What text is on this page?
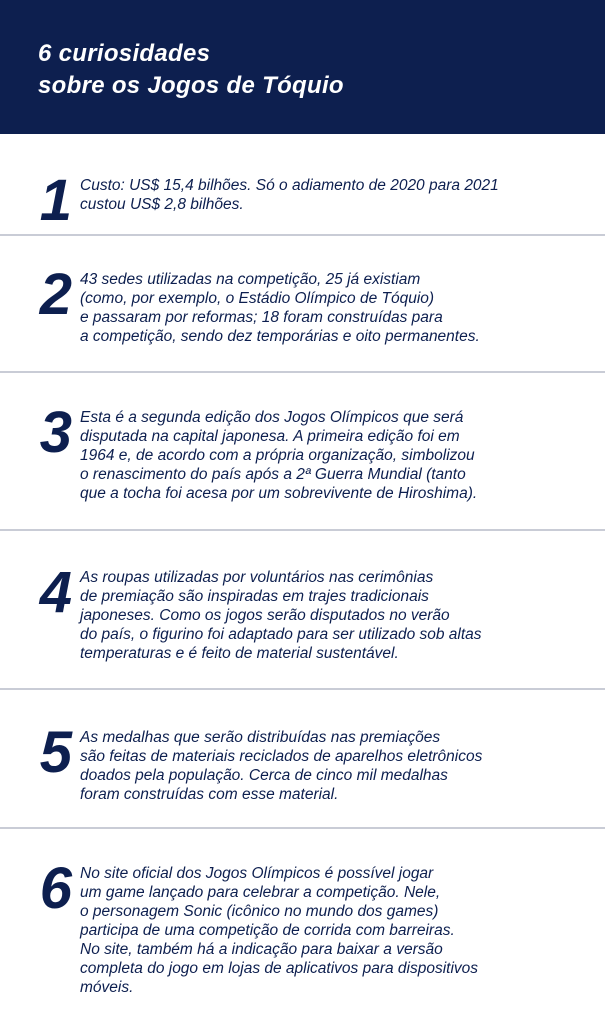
6 curiosidades
sobre os Jogos de Tóquio
1 Custo: US$ 15,4 bilhões. Só o adiamento de 2020 para 2021
custou US$ 2,8 bilhões.

2 43 sedes utilizadas na competição, 25 já existiam
(como, por exemplo, o Estádio Olímpico de Tóquio)
e passaram por reformas; 18 foram construídas para
a competição, sendo dez temporárias e oito permanentes.

3 Esta é a segunda edição dos Jogos Olímpicos que será
disputada na capital japonesa. A primeira edição foi em
1964 e, de acordo com a própria organização, simbolizou
o renascimento do país após a 2ª Guerra Mundial (tanto
que a tocha foi acesa por um sobrevivente de Hiroshima).

4 As roupas utilizadas por voluntários nas cerimônias
de premiação são inspiradas em trajes tradicionais
japoneses. Como os jogos serão disputados no verão
do país, o figurino foi adaptado para ser utilizado sob altas
temperaturas e é feito de material sustentável.

5 As medalhas que serão distribuídas nas premiações
são feitas de materiais reciclados de aparelhos eletrônicos
doados pela população. Cerca de cinco mil medalhas
foram construídas com esse material.

6 No site oficial dos Jogos Olímpicos é possível jogar
um game lançado para celebrar a competição. Nele,
o personagem Sonic (icônico no mundo dos games)
participa de uma competição de corrida com barreiras.
No site, também há a indicação para baixar a versão
completa do jogo em lojas de aplicativos para dispositivos
móveis.
